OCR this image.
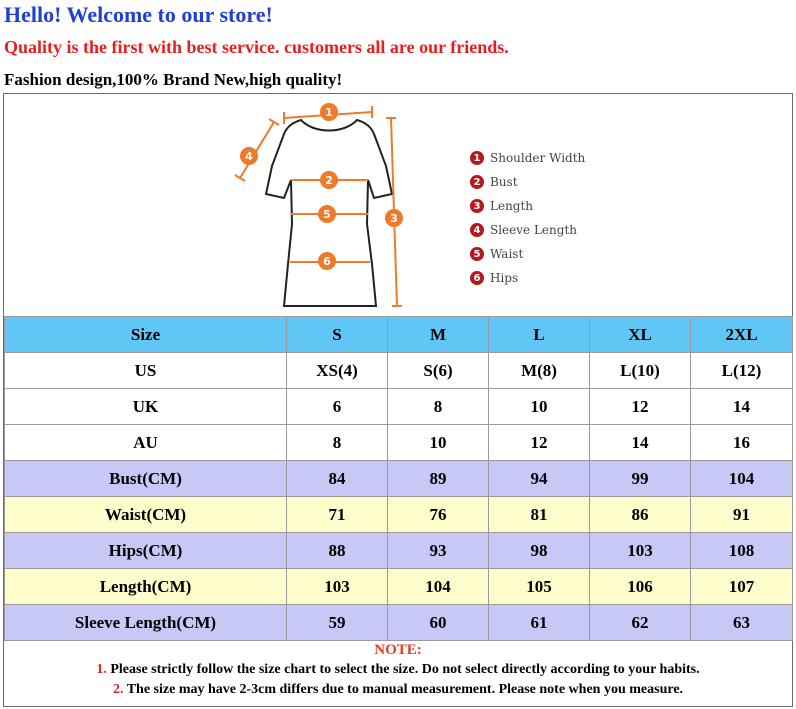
Hello! Welcome to our store!
Quality is the first with best service. customers all are our friends.
Fashion design,100% Brand New,high quality!
1
2
3
4
5
6
1 Shoulder Width
2 Bust
3 Length
4 Sleeve Length
5 Waist
6 Hips
Size	S	M	L	XL	2XL
US	XS(4)	S(6)	M(8)	L(10)	L(12)
UK	6	8	10	12	14
AU	8	10	12	14	16
Bust(CM)	84	89	94	99	104
Waist(CM)	71	76	81	86	91
Hips(CM)	88	93	98	103	108
Length(CM)	103	104	105	106	107
Sleeve Length(CM)	59	60	61	62	63
NOTE:
1. Please strictly follow the size chart to select the size. Do not select directly according to your habits.
2. The size may have 2-3cm differs due to manual measurement. Please note when you measure.
